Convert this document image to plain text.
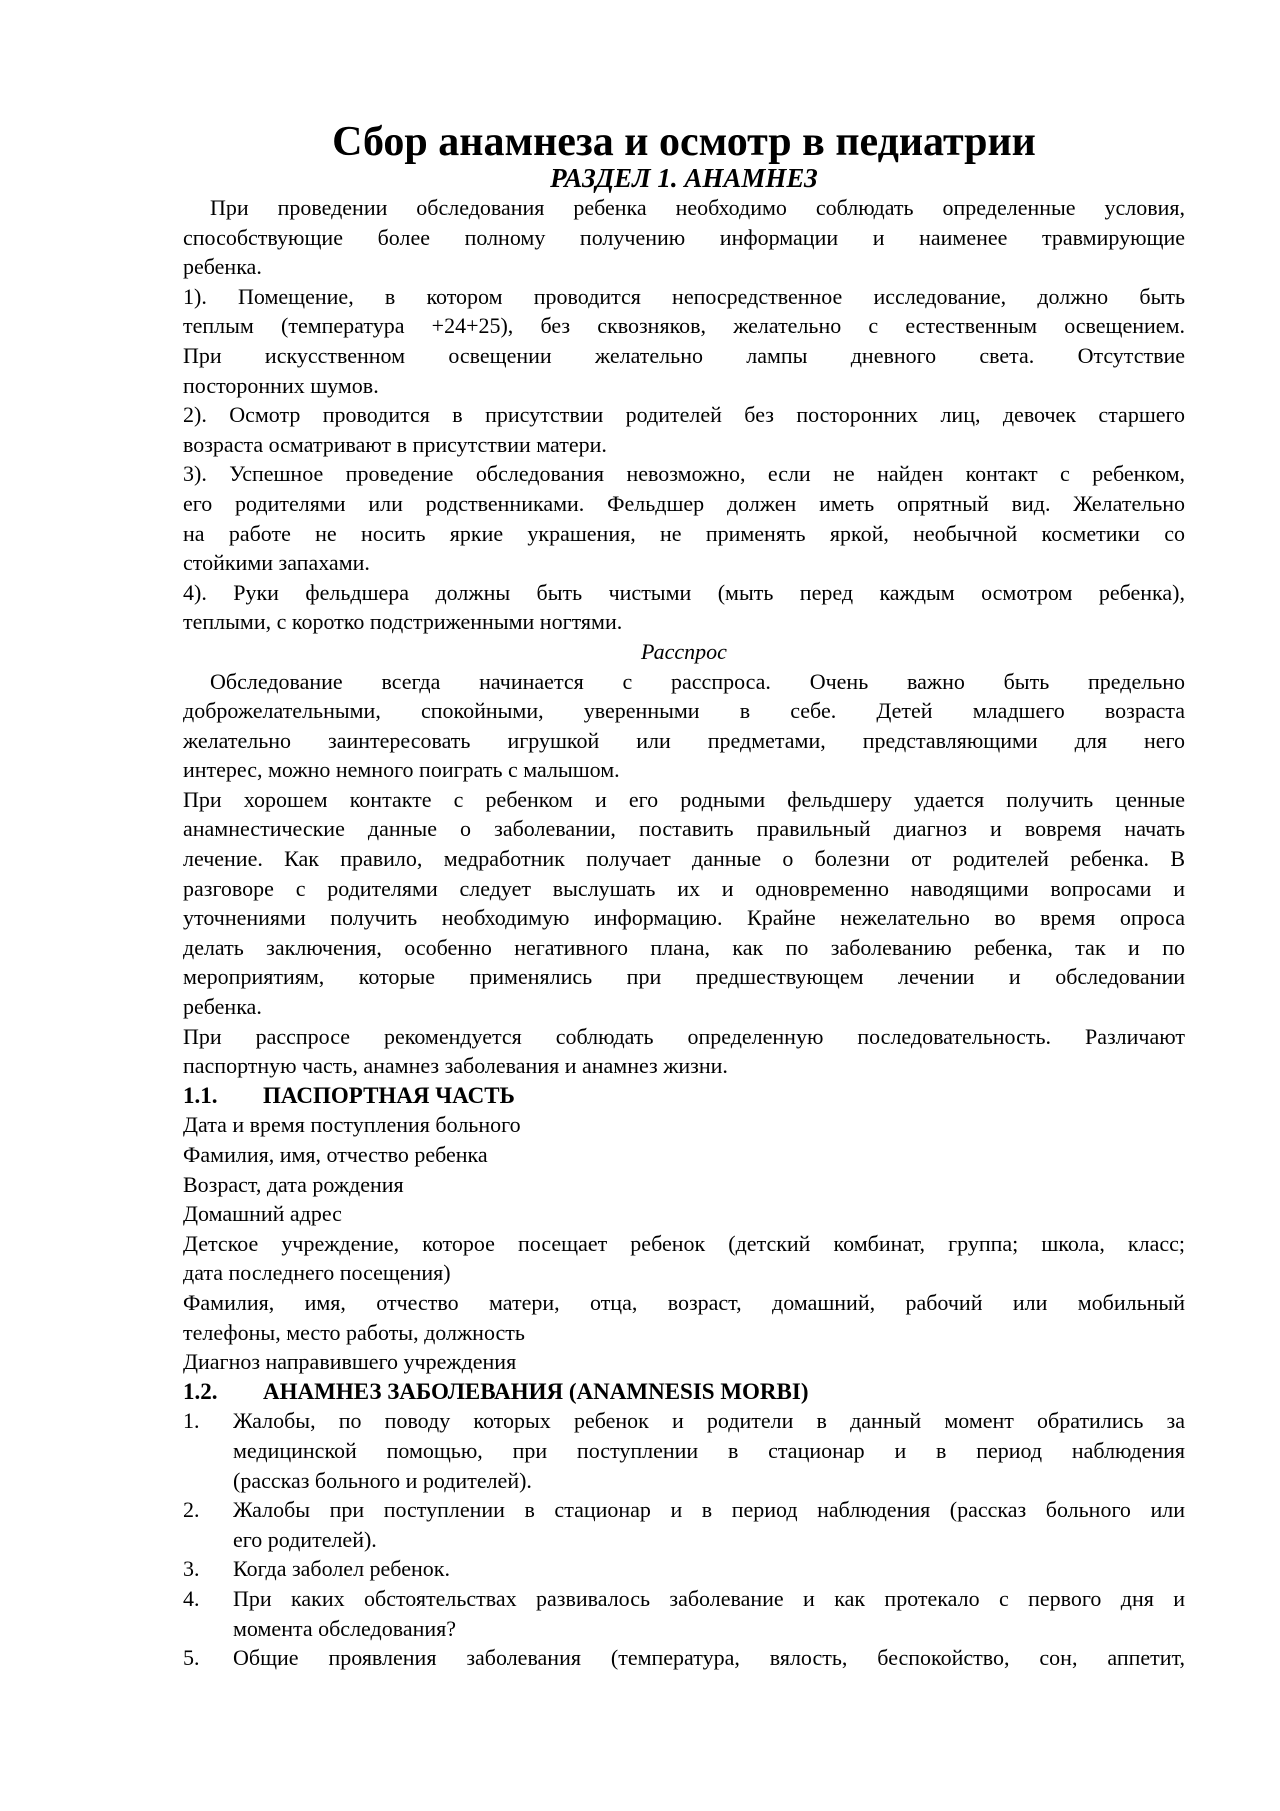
Сбор анамнеза и осмотр в педиатрии
РАЗДЕЛ 1. АНАМНЕЗ
При проведении обследования ребенка необходимо соблюдать определенные условия,
способствующие более полному получению информации и наименее травмирующие
ребенка.
1). Помещение, в котором проводится непосредственное исследование, должно быть
теплым (температура +24+25), без сквозняков, желательно с естественным освещением.
При искусственном освещении желательно лампы дневного света. Отсутствие
посторонних шумов.
2). Осмотр проводится в присутствии родителей без посторонних лиц, девочек старшего
возраста осматривают в присутствии матери.
3). Успешное проведение обследования невозможно, если не найден контакт с ребенком,
его родителями или родственниками. Фельдшер должен иметь опрятный вид. Желательно
на работе не носить яркие украшения, не применять яркой, необычной косметики со
стойкими запахами.
4). Руки фельдшера должны быть чистыми (мыть перед каждым осмотром ребенка),
теплыми, с коротко подстриженными ногтями.
Расспрос
Обследование всегда начинается с расспроса. Очень важно быть предельно
доброжелательными, спокойными, уверенными в себе. Детей младшего возраста
желательно заинтересовать игрушкой или предметами, представляющими для него
интерес, можно немного поиграть с малышом.
При хорошем контакте с ребенком и его родными фельдшеру удается получить ценные
анамнестические данные о заболевании, поставить правильный диагноз и вовремя начать
лечение. Как правило, медработник получает данные о болезни от родителей ребенка. В
разговоре с родителями следует выслушать их и одновременно наводящими вопросами и
уточнениями получить необходимую информацию. Крайне нежелательно во время опроса
делать заключения, особенно негативного плана, как по заболеванию ребенка, так и по
мероприятиям, которые применялись при предшествующем лечении и обследовании
ребенка.
При расспросе рекомендуется соблюдать определенную последовательность. Различают
паспортную часть, анамнез заболевания и анамнез жизни.
1.1. ПАСПОРТНАЯ ЧАСТЬ
Дата и время поступления больного
Фамилия, имя, отчество ребенка
Возраст, дата рождения
Домашний адрес
Детское учреждение, которое посещает ребенок (детский комбинат, группа; школа, класс;
дата последнего посещения)
Фамилия, имя, отчество матери, отца, возраст, домашний, рабочий или мобильный
телефоны, место работы, должность
Диагноз направившего учреждения
1.2. АНАМНЕЗ ЗАБОЛЕВАНИЯ (ANAMNESIS MORBI)
1. Жалобы, по поводу которых ребенок и родители в данный момент обратились за
медицинской помощью, при поступлении в стационар и в период наблюдения
(рассказ больного и родителей).
2. Жалобы при поступлении в стационар и в период наблюдения (рассказ больного или
его родителей).
3. Когда заболел ребенок.
4. При каких обстоятельствах развивалось заболевание и как протекало с первого дня и
момента обследования?
5. Общие проявления заболевания (температура, вялость, беспокойство, сон, аппетит,
